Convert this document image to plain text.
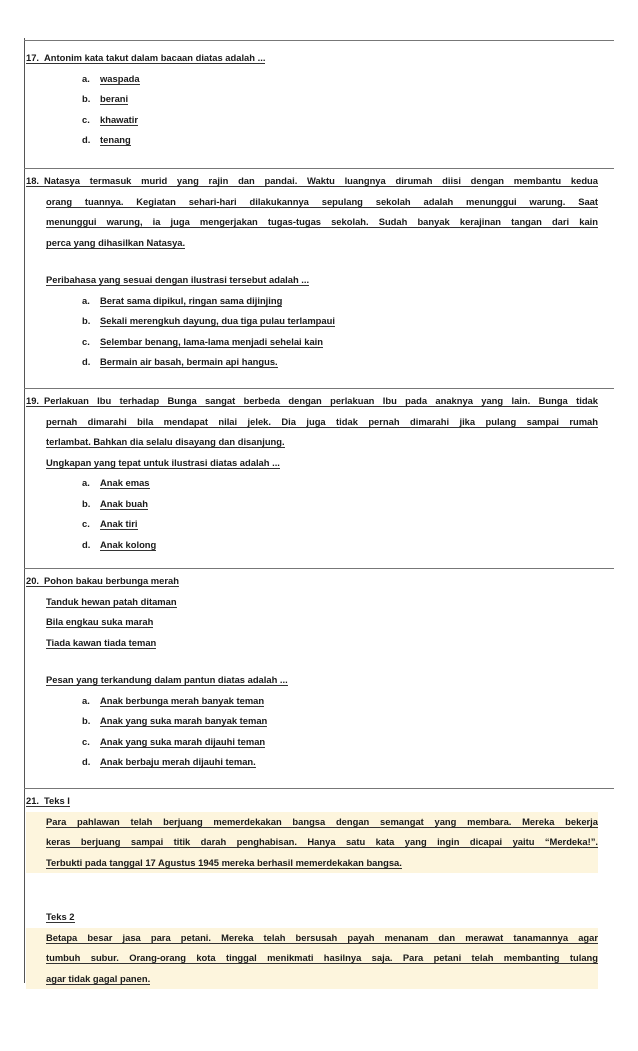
17. Antonim kata takut dalam bacaan diatas adalah ...
a. waspada
b. berani
c. khawatir
d. tenang
18. Natasya termasuk murid yang rajin dan pandai. Waktu luangnya dirumah diisi dengan membantu kedua
orang tuannya. Kegiatan sehari-hari dilakukannya sepulang sekolah adalah menunggui warung. Saat
menunggui warung, ia juga mengerjakan tugas-tugas sekolah. Sudah banyak kerajinan tangan dari kain
perca yang dihasilkan Natasya.
Peribahasa yang sesuai dengan ilustrasi tersebut adalah ...
a. Berat sama dipikul, ringan sama dijinjing
b. Sekali merengkuh dayung, dua tiga pulau terlampaui
c. Selembar benang, lama-lama menjadi sehelai kain
d. Bermain air basah, bermain api hangus.
19. Perlakuan Ibu terhadap Bunga sangat berbeda dengan perlakuan Ibu pada anaknya yang lain. Bunga tidak
pernah dimarahi bila mendapat nilai jelek. Dia juga tidak pernah dimarahi jika pulang sampai rumah
terlambat. Bahkan dia selalu disayang dan disanjung.
Ungkapan yang tepat untuk ilustrasi diatas adalah ...
a. Anak emas
b. Anak buah
c. Anak tiri
d. Anak kolong
20. Pohon bakau berbunga merah
Tanduk hewan patah ditaman
Bila engkau suka marah
Tiada kawan tiada teman
Pesan yang terkandung dalam pantun diatas adalah ...
a. Anak berbunga merah banyak teman
b. Anak yang suka marah banyak teman
c. Anak yang suka marah dijauhi teman
d. Anak berbaju merah dijauhi teman.
21. Teks I
Para pahlawan telah berjuang memerdekakan bangsa dengan semangat yang membara. Mereka bekerja
keras berjuang sampai titik darah penghabisan. Hanya satu kata yang ingin dicapai yaitu “Merdeka!”.
Terbukti pada tanggal 17 Agustus 1945 mereka berhasil memerdekakan bangsa.
Teks 2
Betapa besar jasa para petani. Mereka telah bersusah payah menanam dan merawat tanamannya agar
tumbuh subur. Orang-orang kota tinggal menikmati hasilnya saja. Para petani telah membanting tulang
agar tidak gagal panen.
